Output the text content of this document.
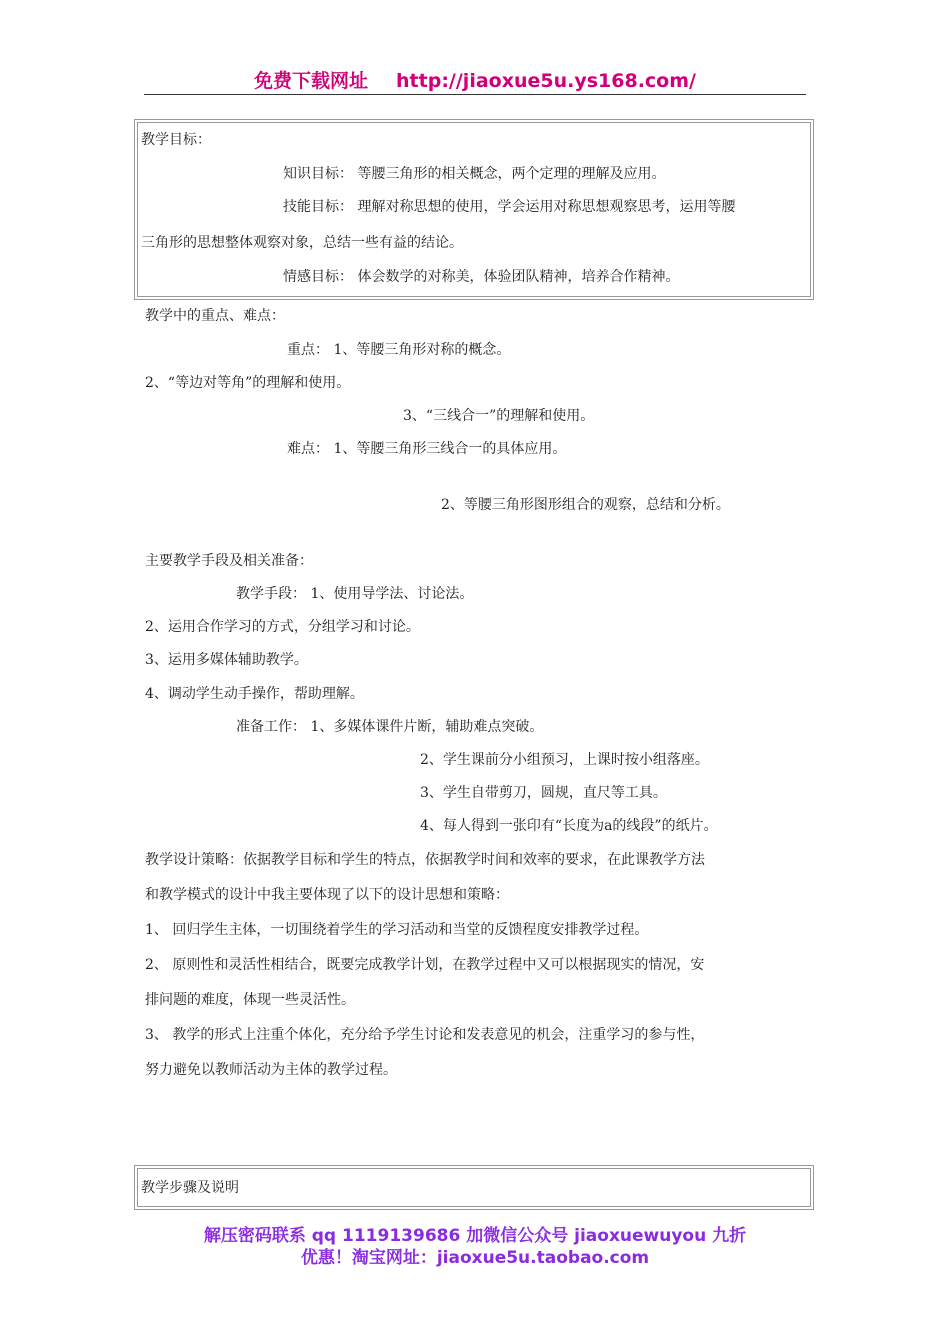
免费下载网址 http://jiaoxue5u.ys168.com/
教学目标：
知识目标： 等腰三角形的相关概念，两个定理的理解及应用。
技能目标： 理解对称思想的使用，学会运用对称思想观察思考，运用等腰
三角形的思想整体观察对象，总结一些有益的结论。
情感目标： 体会数学的对称美，体验团队精神，培养合作精神。
教学中的重点、难点：
重点： 1、等腰三角形对称的概念。
2、“等边对等角”的理解和使用。
3、“三线合一”的理解和使用。
难点： 1、等腰三角形三线合一的具体应用。
2、等腰三角形图形组合的观察，总结和分析。
主要教学手段及相关准备：
教学手段： 1、使用导学法、讨论法。
2、运用合作学习的方式，分组学习和讨论。
3、运用多媒体辅助教学。
4、调动学生动手操作，帮助理解。
准备工作： 1、多媒体课件片断，辅助难点突破。
2、学生课前分小组预习，上课时按小组落座。
3、学生自带剪刀，圆规，直尺等工具。
4、每人得到一张印有“长度为a的线段”的纸片。
教学设计策略：依据教学目标和学生的特点，依据教学时间和效率的要求，在此课教学方法
和教学模式的设计中我主要体现了以下的设计思想和策略：
1、 回归学生主体，一切围绕着学生的学习活动和当堂的反馈程度安排教学过程。
2、 原则性和灵活性相结合，既要完成教学计划，在教学过程中又可以根据现实的情况，安
排问题的难度，体现一些灵活性。
3、 教学的形式上注重个体化，充分给予学生讨论和发表意见的机会，注重学习的参与性，
努力避免以教师活动为主体的教学过程。
教学步骤及说明
解压密码联系 qq 1119139686 加微信公众号 jiaoxuewuyou 九折
优惠！淘宝网址：jiaoxue5u.taobao.com
